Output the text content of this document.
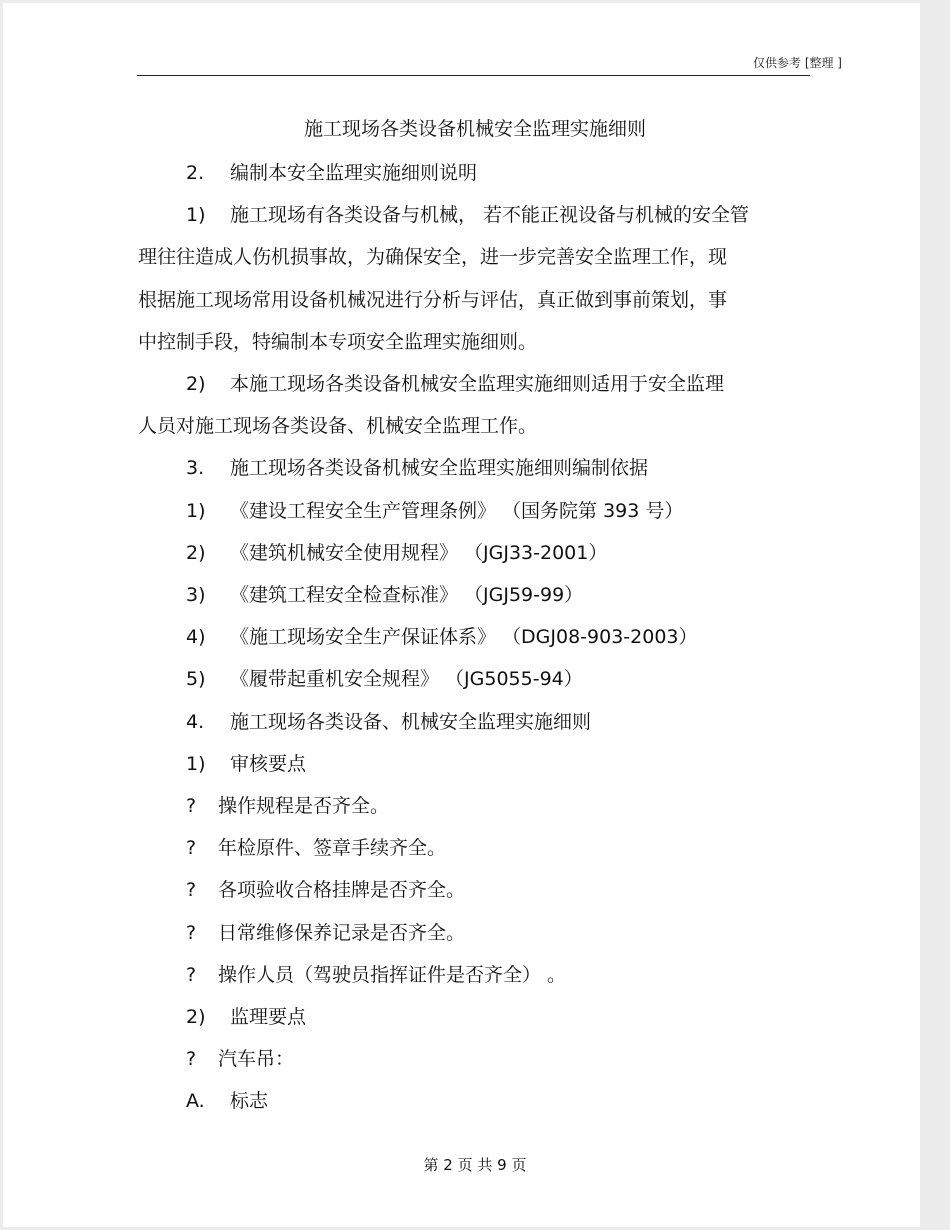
仅供参考 [整理 ]
施工现场各类设备机械安全监理实施细则
2. 编制本安全监理实施细则说明
1) 施工现场有各类设备与机械， 若不能正视设备与机械的安全管
理往往造成人伤机损事故，为确保安全，进一步完善安全监理工作，现
根据施工现场常用设备机械况进行分析与评估，真正做到事前策划，事
中控制手段，特编制本专项安全监理实施细则。
2) 本施工现场各类设备机械安全监理实施细则适用于安全监理
人员对施工现场各类设备、机械安全监理工作。
3. 施工现场各类设备机械安全监理实施细则编制依据
1) 《建设工程安全生产管理条例》 （国务院第 393 号）
2) 《建筑机械安全使用规程》 （JGJ33-2001）
3) 《建筑工程安全检查标准》 （JGJ59-99）
4) 《施工现场安全生产保证体系》 （DGJ08-903-2003）
5) 《履带起重机安全规程》 （JG5055-94）
4. 施工现场各类设备、机械安全监理实施细则
1) 审核要点
? 操作规程是否齐全。
? 年检原件、签章手续齐全。
? 各项验收合格挂牌是否齐全。
? 日常维修保养记录是否齐全。
? 操作人员（驾驶员指挥证件是否齐全） 。
2) 监理要点
? 汽车吊：
A. 标志
第 2 页 共 9 页
